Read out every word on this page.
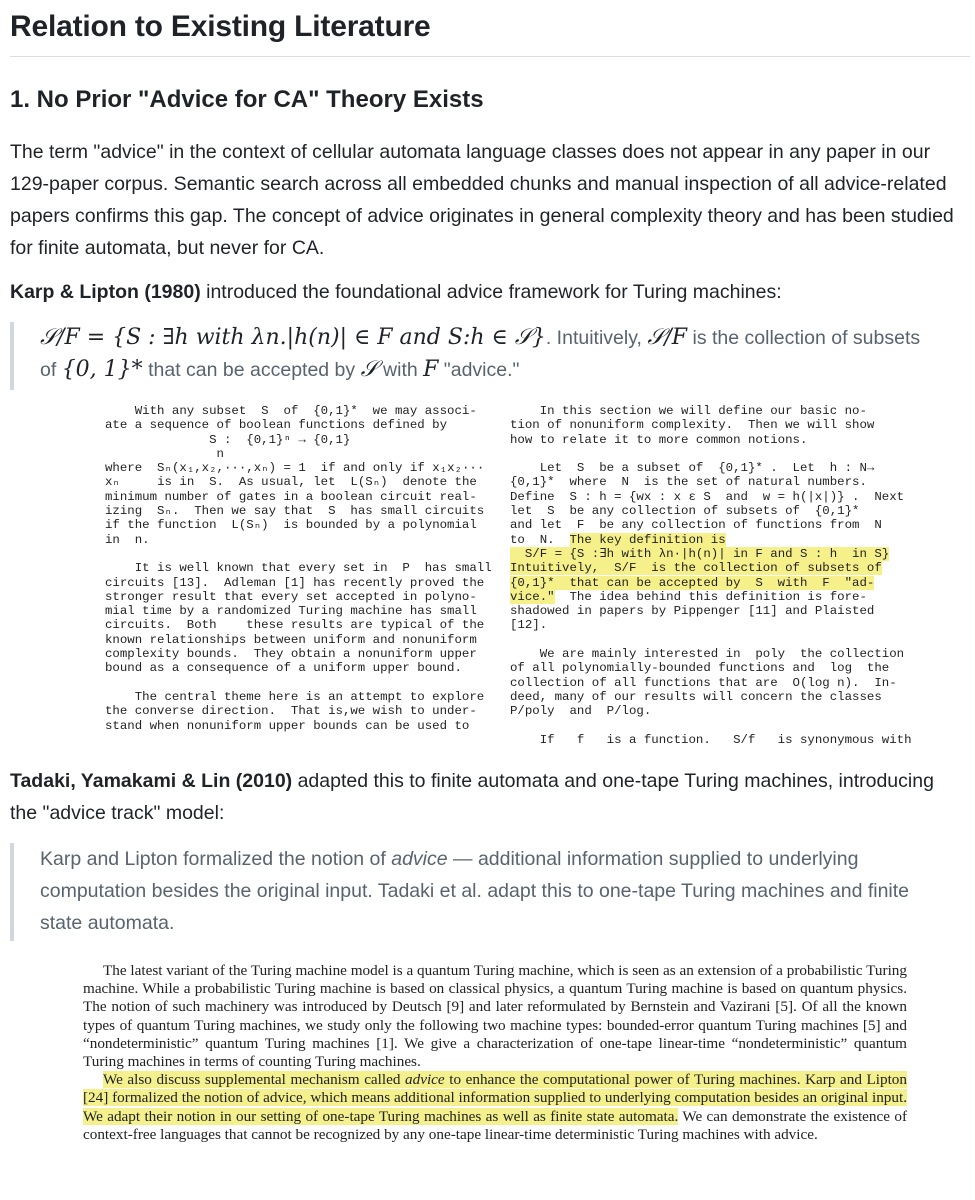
Relation to Existing Literature
1. No Prior "Advice for CA" Theory Exists

The term "advice" in the context of cellular automata language classes does not appear in any paper in our 129-paper corpus. Semantic search across all embedded chunks and manual inspection of all advice-related papers confirms this gap. The concept of advice originates in general complexity theory and has been studied for finite automata, but never for CA.

Karp & Lipton (1980) introduced the foundational advice framework for Turing machines:

𝒮/F = {S : ∃h with λn.|h(n)| ∈ F and S:h ∈ 𝒮}. Intuitively, 𝒮/F is the collection of subsets of {0, 1}* that can be accepted by 𝒮 with F "advice."
With any subset  S  of  {0,1}*  we may associ-
ate a sequence of boolean functions defined by
S :  {0,1}ⁿ → {0,1}
n
where  Sₙ(x₁,x₂,···,xₙ) = 1  if and only if x₁x₂···
xₙ     is in  S.  As usual, let  L(Sₙ)  denote the
minimum number of gates in a boolean circuit real-
izing  Sₙ.  Then we say that  S  has small circuits
if the function  L(Sₙ)  is bounded by a polynomial
in  n.

It is well known that every set in  P  has small
circuits [13].  Adleman [1] has recently proved the
stronger result that every set accepted in polyno-
mial time by a randomized Turing machine has small
circuits.  Both    these results are typical of the
known relationships between uniform and nonuniform
complexity bounds.  They obtain a nonuniform upper
bound as a consequence of a uniform upper bound.

The central theme here is an attempt to explore
the converse direction.  That is,we wish to under-
stand when nonuniform upper bounds can be used to
In this section we will define our basic no-
tion of nonuniform complexity.  Then we will show
how to relate it to more common notions.

Let  S  be a subset of  {0,1}* .  Let  h : N→
{0,1}*  where  N  is the set of natural numbers.
Define  S : h = {wx : x ε S  and  w = h(|x|)} .  Next
let  S  be any collection of subsets of  {0,1}*
and let  F  be any collection of functions from  N
to  N.  The key definition is
S/F = {S :∃h with λn·|h(n)| in F and S : h  in S}
Intuitively,  S/F  is the collection of subsets of
{0,1}*  that can be accepted by  S  with  F  "ad-
vice."  The idea behind this definition is fore-
shadowed in papers by Pippenger [11] and Plaisted
[12].

We are mainly interested in  poly  the collection
of all polynomially-bounded functions and  log  the
collection of all functions that are  O(log n).  In-
deed, many of our results will concern the classes
P/poly  and  P/log.

If   f   is a function.   S/f   is synonymous with

Tadaki, Yamakami & Lin (2010) adapted this to finite automata and one-tape Turing machines, introducing the "advice track" model:

Karp and Lipton formalized the notion of advice — additional information supplied to underlying computation besides the original input. Tadaki et al. adapt this to one-tape Turing machines and finite state automata.

The latest variant of the Turing machine model is a quantum Turing machine, which is seen as an extension of a probabilistic Turing machine. While a probabilistic Turing machine is based on classical physics, a quantum Turing machine is based on quantum physics. The notion of such machinery was introduced by Deutsch [9] and later reformulated by Bernstein and Vazirani [5]. Of all the known types of quantum Turing machines, we study only the following two machine types: bounded-error quantum Turing machines [5] and “nondeterministic” quantum Turing machines [1]. We give a characterization of one-tape linear-time “nondeterministic” quantum Turing machines in terms of counting Turing machines.

We also discuss supplemental mechanism called advice to enhance the computational power of Turing machines. Karp and Lipton [24] formalized the notion of advice, which means additional information supplied to underlying computation besides an original input. We adapt their notion in our setting of one-tape Turing machines as well as finite state automata. We can demonstrate the existence of context-free languages that cannot be recognized by any one-tape linear-time deterministic Turing machines with advice.
